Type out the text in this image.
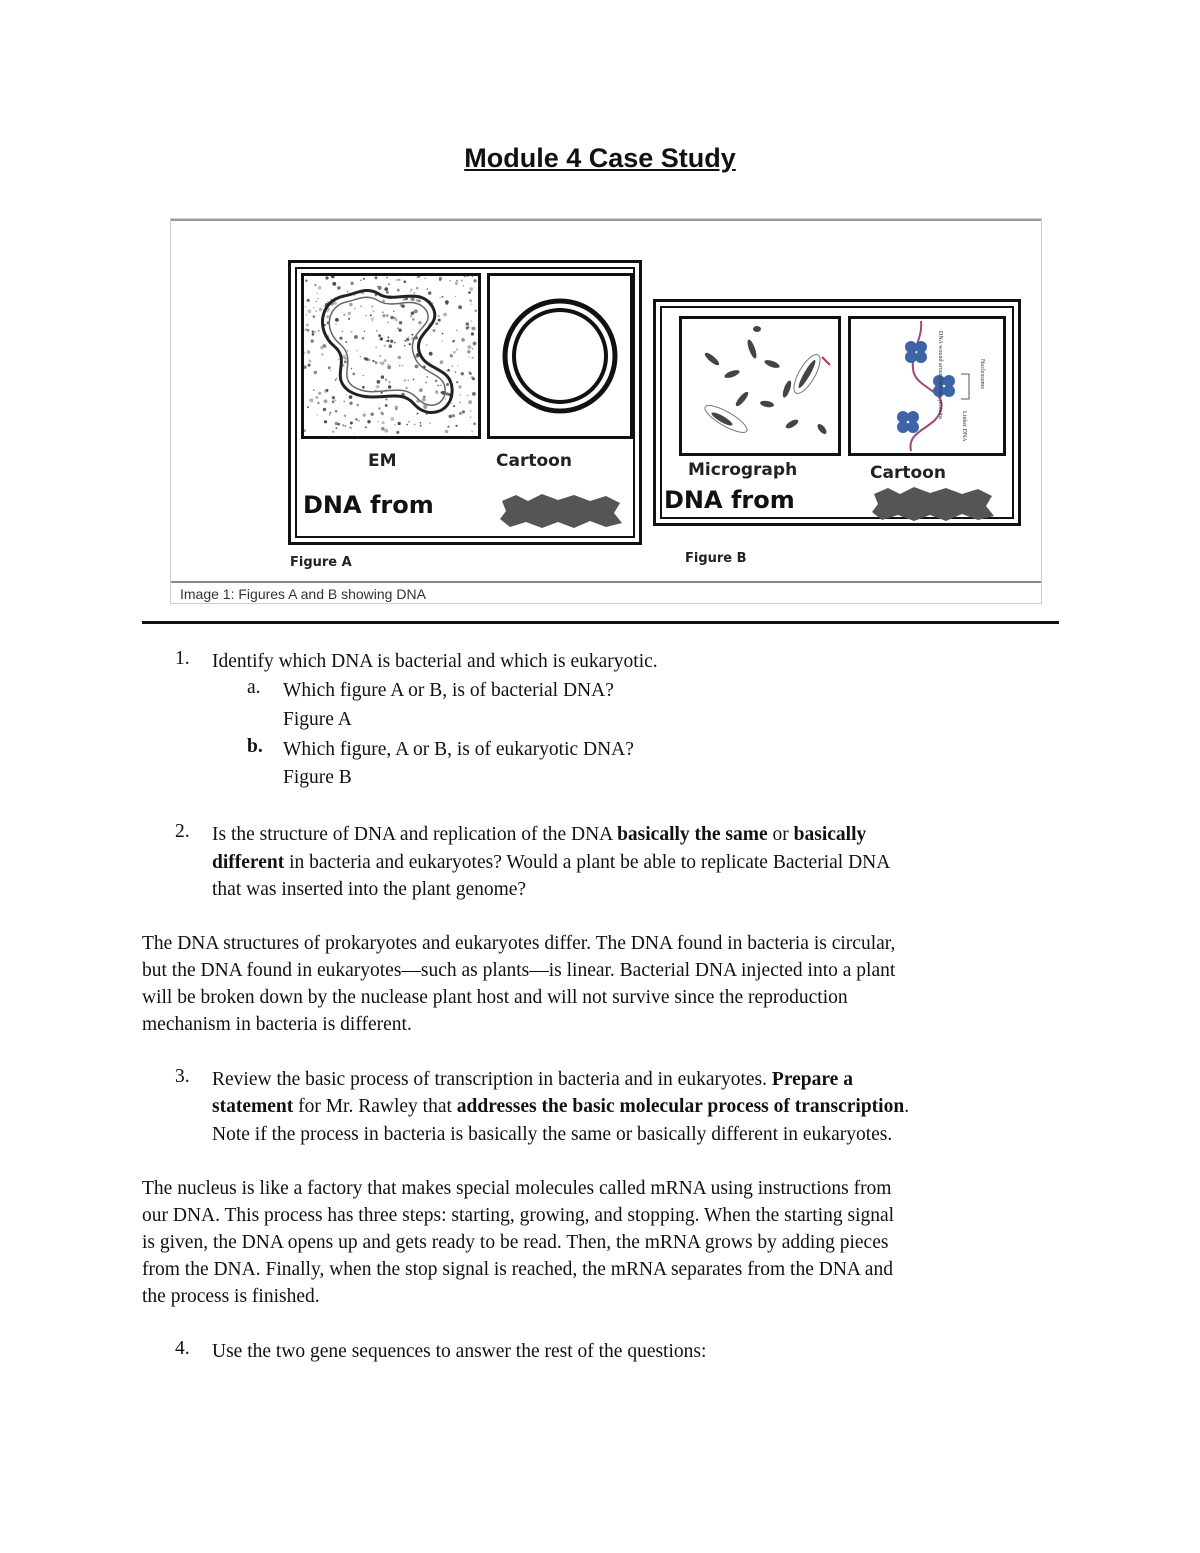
Module 4 Case Study
EM	Cartoon
DNA from
DNA wound around histone proteins	Nucleosome
Linker DNA
Micrograph	Cartoon
DNA from
Figure A	Figure B
Image 1: Figures A and B showing DNA
1. Identify which DNA is bacterial and which is eukaryotic.
a. Which figure A or B, is of bacterial DNA?
Figure A
b. Which figure, A or B, is of eukaryotic DNA?
Figure B
2. Is the structure of DNA and replication of the DNA basically the same or basically
different in bacteria and eukaryotes? Would a plant be able to replicate Bacterial DNA
that was inserted into the plant genome?
The DNA structures of prokaryotes and eukaryotes differ. The DNA found in bacteria is circular,
but the DNA found in eukaryotes—such as plants—is linear. Bacterial DNA injected into a plant
will be broken down by the nuclease plant host and will not survive since the reproduction
mechanism in bacteria is different.
3. Review the basic process of transcription in bacteria and in eukaryotes. Prepare a
statement for Mr. Rawley that addresses the basic molecular process of transcription.
Note if the process in bacteria is basically the same or basically different in eukaryotes.
The nucleus is like a factory that makes special molecules called mRNA using instructions from
our DNA. This process has three steps: starting, growing, and stopping. When the starting signal
is given, the DNA opens up and gets ready to be read. Then, the mRNA grows by adding pieces
from the DNA. Finally, when the stop signal is reached, the mRNA separates from the DNA and
the process is finished.
4. Use the two gene sequences to answer the rest of the questions:
